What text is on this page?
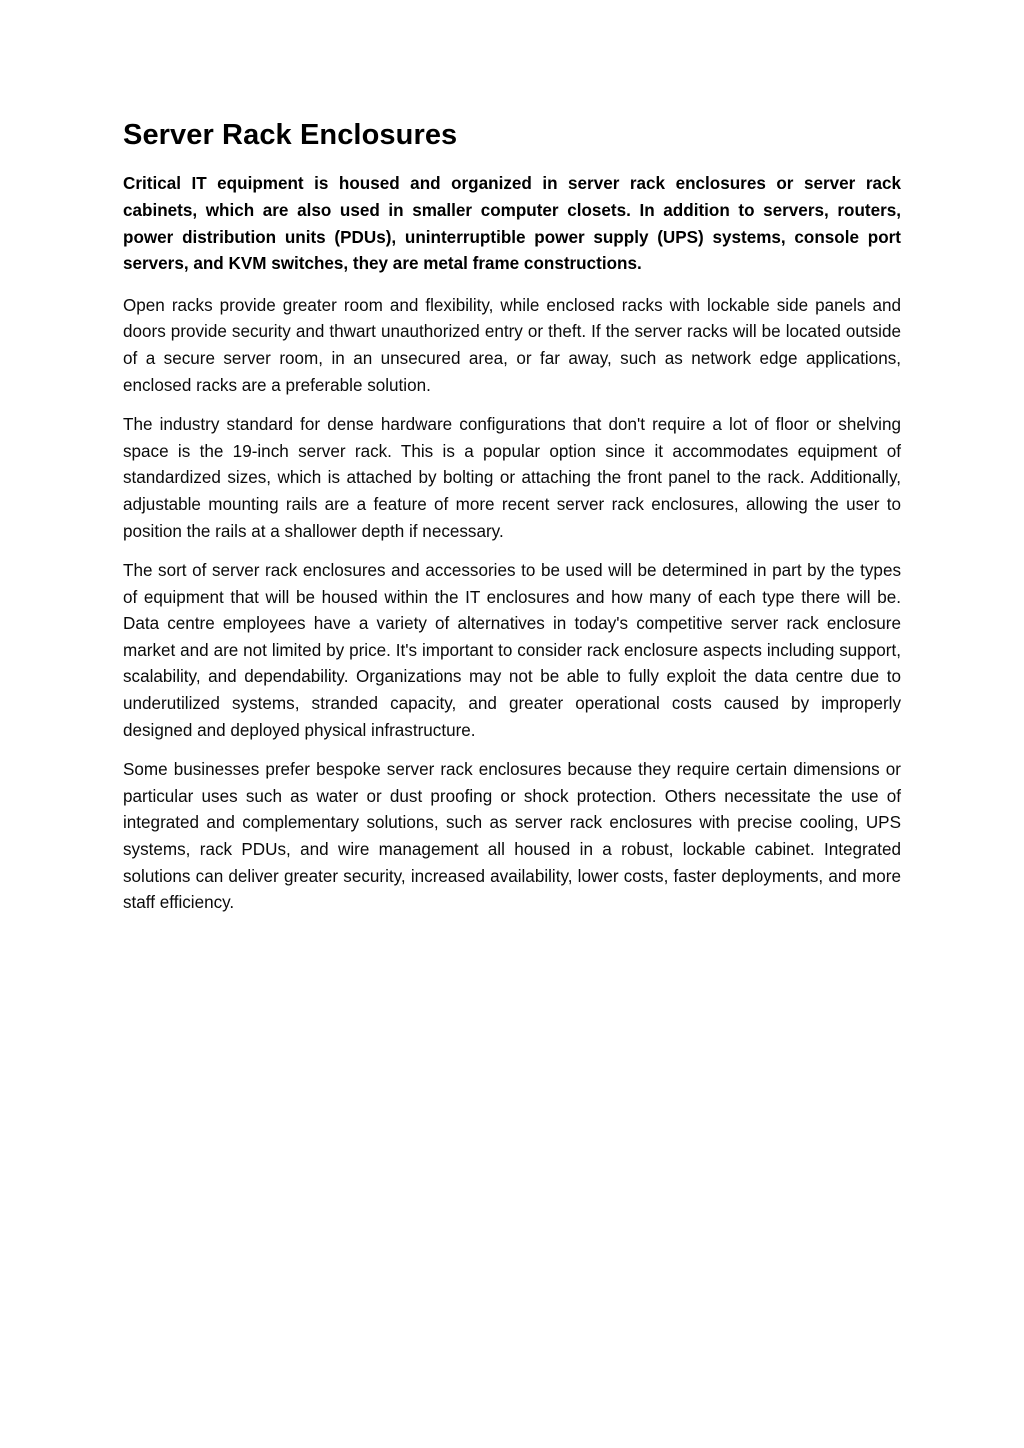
Server Rack Enclosures

Critical IT equipment is housed and organized in server rack enclosures or server rack cabinets, which are also used in smaller computer closets. In addition to servers, routers, power distribution units (PDUs), uninterruptible power supply (UPS) systems, console port servers, and KVM switches, they are metal frame constructions.

Open racks provide greater room and flexibility, while enclosed racks with lockable side panels and doors provide security and thwart unauthorized entry or theft. If the server racks will be located outside of a secure server room, in an unsecured area, or far away, such as network edge applications, enclosed racks are a preferable solution.

The industry standard for dense hardware configurations that don't require a lot of floor or shelving space is the 19-inch server rack. This is a popular option since it accommodates equipment of standardized sizes, which is attached by bolting or attaching the front panel to the rack. Additionally, adjustable mounting rails are a feature of more recent server rack enclosures, allowing the user to position the rails at a shallower depth if necessary.

The sort of server rack enclosures and accessories to be used will be determined in part by the types of equipment that will be housed within the IT enclosures and how many of each type there will be. Data centre employees have a variety of alternatives in today's competitive server rack enclosure market and are not limited by price. It's important to consider rack enclosure aspects including support, scalability, and dependability. Organizations may not be able to fully exploit the data centre due to underutilized systems, stranded capacity, and greater operational costs caused by improperly designed and deployed physical infrastructure.

Some businesses prefer bespoke server rack enclosures because they require certain dimensions or particular uses such as water or dust proofing or shock protection. Others necessitate the use of integrated and complementary solutions, such as server rack enclosures with precise cooling, UPS systems, rack PDUs, and wire management all housed in a robust, lockable cabinet. Integrated solutions can deliver greater security, increased availability, lower costs, faster deployments, and more staff efficiency.
